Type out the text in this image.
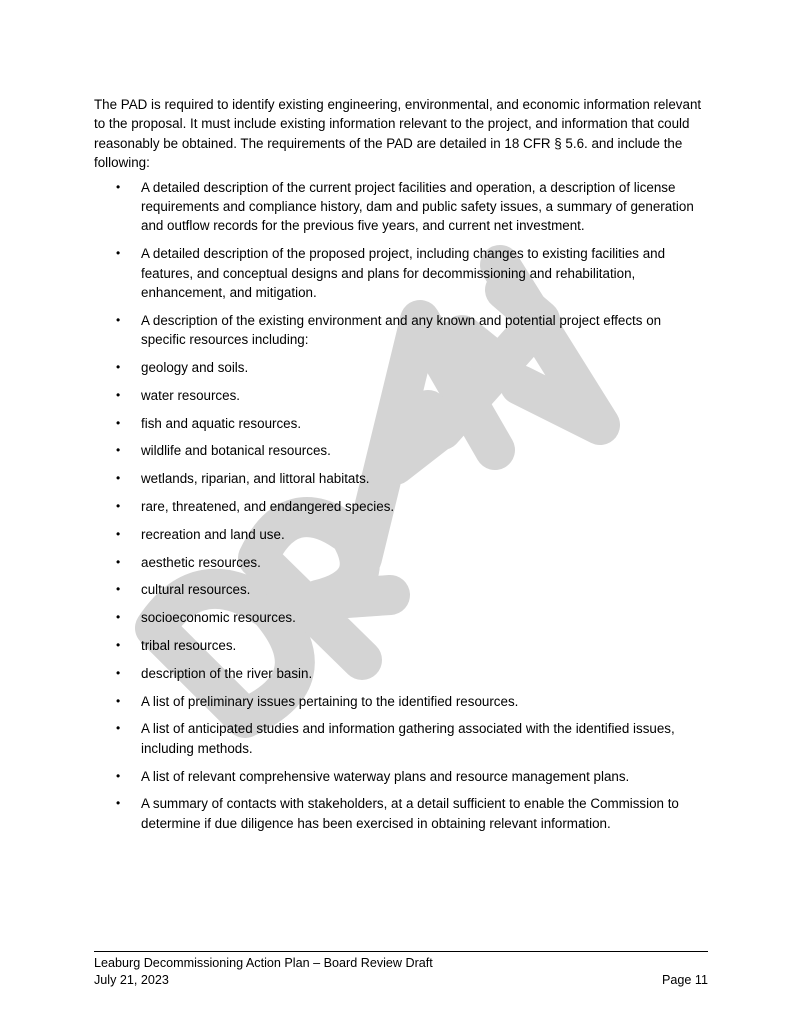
The PAD is required to identify existing engineering, environmental, and economic information relevant to the proposal. It must include existing information relevant to the project, and information that could reasonably be obtained. The requirements of the PAD are detailed in 18 CFR § 5.6. and include the following:

• A detailed description of the current project facilities and operation, a description of license requirements and compliance history, dam and public safety issues, a summary of generation and outflow records for the previous five years, and current net investment.
• A detailed description of the proposed project, including changes to existing facilities and features, and conceptual designs and plans for decommissioning and rehabilitation, enhancement, and mitigation.
• A description of the existing environment and any known and potential project effects on specific resources including:
• geology and soils.
• water resources.
• fish and aquatic resources.
• wildlife and botanical resources.
• wetlands, riparian, and littoral habitats.
• rare, threatened, and endangered species.
• recreation and land use.
• aesthetic resources.
• cultural resources.
• socioeconomic resources.
• tribal resources.
• description of the river basin.
• A list of preliminary issues pertaining to the identified resources.
• A list of anticipated studies and information gathering associated with the identified issues, including methods.
• A list of relevant comprehensive waterway plans and resource management plans.
• A summary of contacts with stakeholders, at a detail sufficient to enable the Commission to determine if due diligence has been exercised in obtaining relevant information.
Leaburg Decommissioning Action Plan – Board Review Draft
July 21, 2023	Page 11
